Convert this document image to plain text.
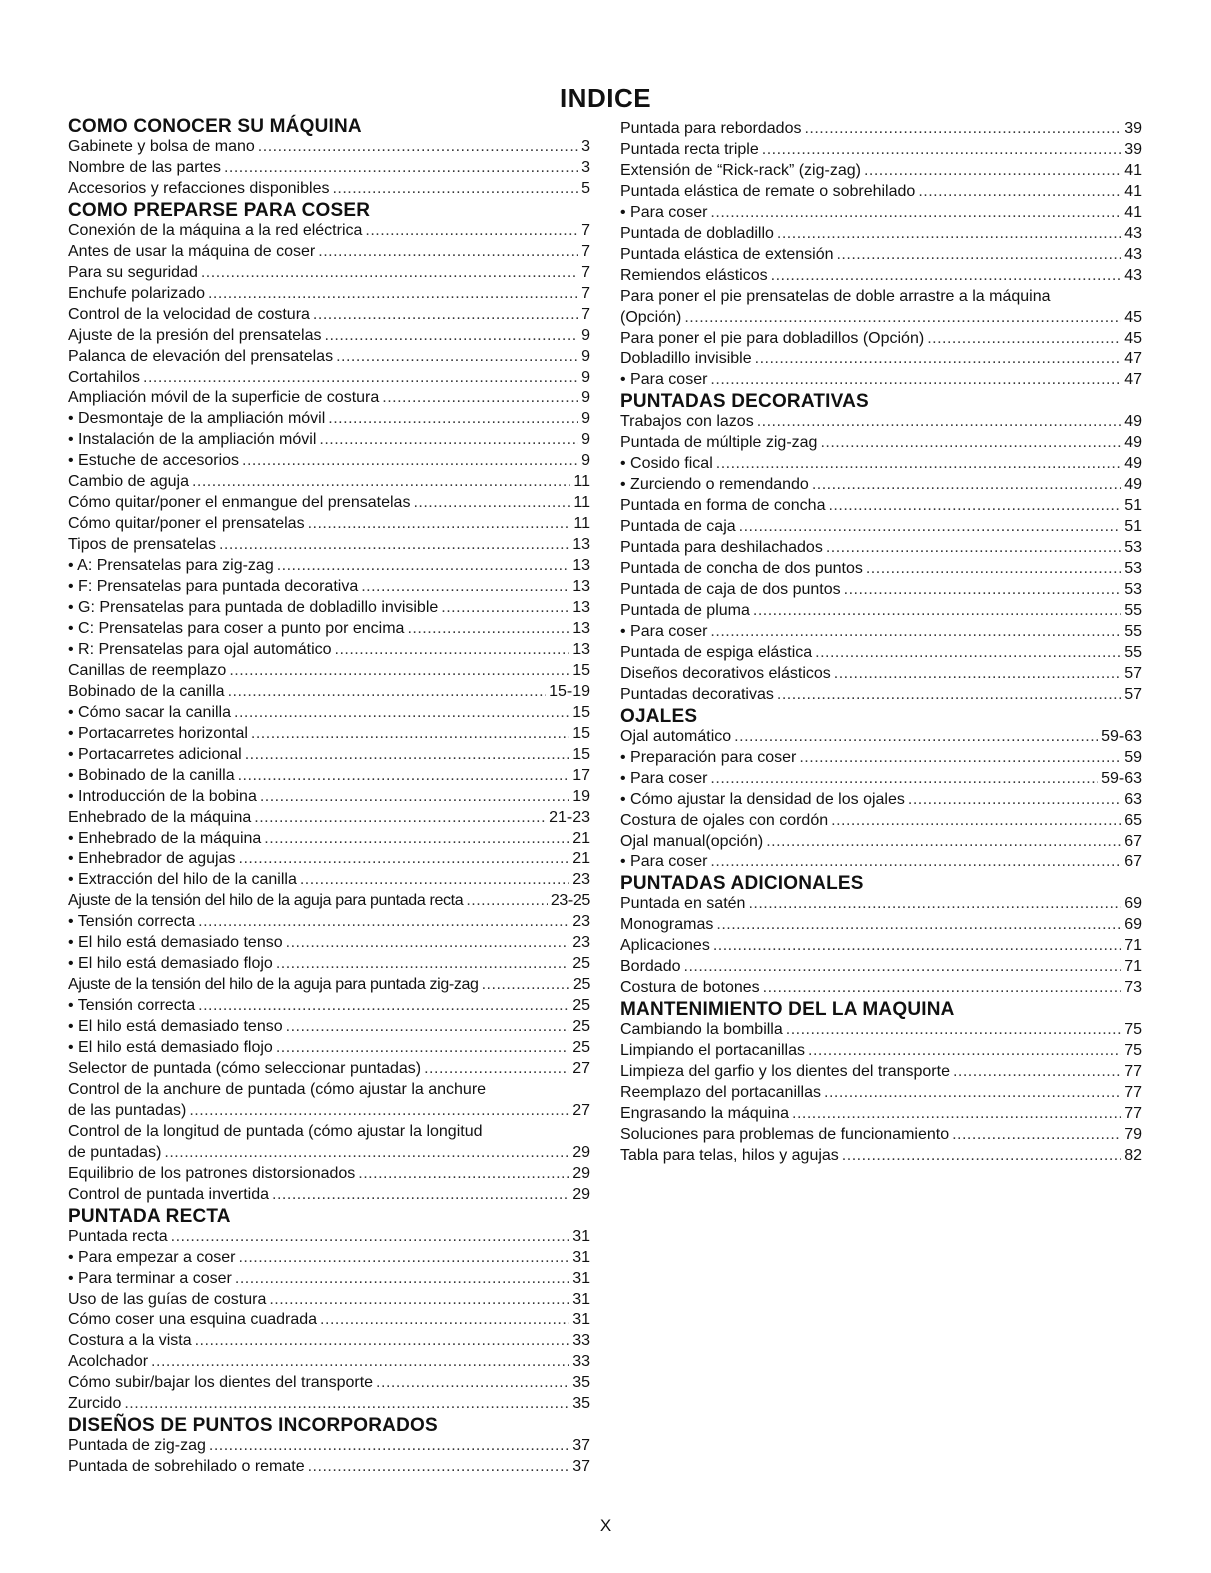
INDICE
COMO CONOCER SU MÁQUINA
Gabinete y bolsa de mano .....	3
Nombre de las partes .....	3
Accesorios y refacciones disponibles .....	5
COMO PREPARSE PARA COSER
Conexión de la máquina a la red eléctrica .....	7
Antes de usar la máquina de coser .....	7
Para su seguridad .....	7
Enchufe polarizado .....	7
Control de la velocidad de costura .....	7
Ajuste de la presión del prensatelas .....	9
Palanca de elevación del prensatelas .....	9
Cortahilos .....	9
Ampliación móvil de la superficie de costura .....	9
• Desmontaje de la ampliación móvil .....	9
• Instalación de la ampliación móvil .....	9
• Estuche de accesorios .....	9
Cambio de aguja .....	11
Cómo quitar/poner el enmangue del prensatelas .....	11
Cómo quitar/poner el prensatelas .....	11
Tipos de prensatelas .....	13
• A: Prensatelas para zig-zag .....	13
• F: Prensatelas para puntada decorativa .....	13
• G: Prensatelas para puntada de dobladillo invisible .....	13
• C: Prensatelas para coser a punto por encima .....	13
• R: Prensatelas para ojal automático .....	13
Canillas de reemplazo .....	15
Bobinado de la canilla .....	15-19
• Cómo sacar la canilla .....	15
• Portacarretes horizontal .....	15
• Portacarretes adicional .....	15
• Bobinado de la canilla .....	17
• Introducción de la bobina .....	19
Enhebrado de la máquina .....	21-23
• Enhebrado de la máquina .....	21
• Enhebrador de agujas .....	21
• Extracción del hilo de la canilla .....	23
Ajuste de la tensión del hilo de la aguja para puntada recta .....	23-25
• Tensión correcta .....	23
• El hilo está demasiado tenso .....	23
• El hilo está demasiado flojo .....	25
Ajuste de la tensión del hilo de la aguja para puntada zig-zag .....	25
• Tensión correcta .....	25
• El hilo está demasiado tenso .....	25
• El hilo está demasiado flojo .....	25
Selector de puntada (cómo seleccionar puntadas) .....	27
Control de la anchure de puntada (cómo ajustar la anchure
de las puntadas) .....	27
Control de la longitud de puntada (cómo ajustar la longitud
de puntadas) .....	29
Equilibrio de los patrones distorsionados .....	29
Control de puntada invertida .....	29
PUNTADA RECTA
Puntada recta .....	31
• Para empezar a coser .....	31
• Para terminar a coser .....	31
Uso de las guías de costura .....	31
Cómo coser una esquina cuadrada .....	31
Costura a la vista .....	33
Acolchador .....	33
Cómo subir/bajar los dientes del transporte .....	35
Zurcido .....	35
DISEÑOS DE PUNTOS INCORPORADOS
Puntada de zig-zag .....	37
Puntada de sobrehilado o remate .....	37
Puntada para rebordados .....	39
Puntada recta triple .....	39
Extensión de “Rick-rack” (zig-zag) .....	41
Puntada elástica de remate o sobrehilado .....	41
• Para coser .....	41
Puntada de dobladillo .....	43
Puntada elástica de extensión .....	43
Remiendos elásticos .....	43
Para poner el pie prensatelas de doble arrastre a la máquina
(Opción) .....	45
Para poner el pie para dobladillos (Opción) .....	45
Dobladillo invisible .....	47
• Para coser .....	47
PUNTADAS DECORATIVAS
Trabajos con lazos .....	49
Puntada de múltiple zig-zag .....	49
• Cosido fical .....	49
• Zurciendo o remendando .....	49
Puntada en forma de concha .....	51
Puntada de caja .....	51
Puntada para deshilachados .....	53
Puntada de concha de dos puntos .....	53
Puntada de caja de dos puntos .....	53
Puntada de pluma .....	55
• Para coser .....	55
Puntada de espiga elástica .....	55
Diseños decorativos elásticos .....	57
Puntadas decorativas .....	57
OJALES
Ojal automático .....	59-63
• Preparación para coser .....	59
• Para coser .....	59-63
• Cómo ajustar la densidad de los ojales .....	63
Costura de ojales con cordón .....	65
Ojal manual(opción) .....	67
• Para coser .....	67
PUNTADAS ADICIONALES
Puntada en satén .....	69
Monogramas .....	69
Aplicaciones .....	71
Bordado .....	71
Costura de botones .....	73
MANTENIMIENTO DEL LA MAQUINA
Cambiando la bombilla .....	75
Limpiando el portacanillas .....	75
Limpieza del garfio y los dientes del transporte .....	77
Reemplazo del portacanillas .....	77
Engrasando la máquina .....	77
Soluciones para problemas de funcionamiento .....	79
Tabla para telas, hilos y agujas .....	82
X
